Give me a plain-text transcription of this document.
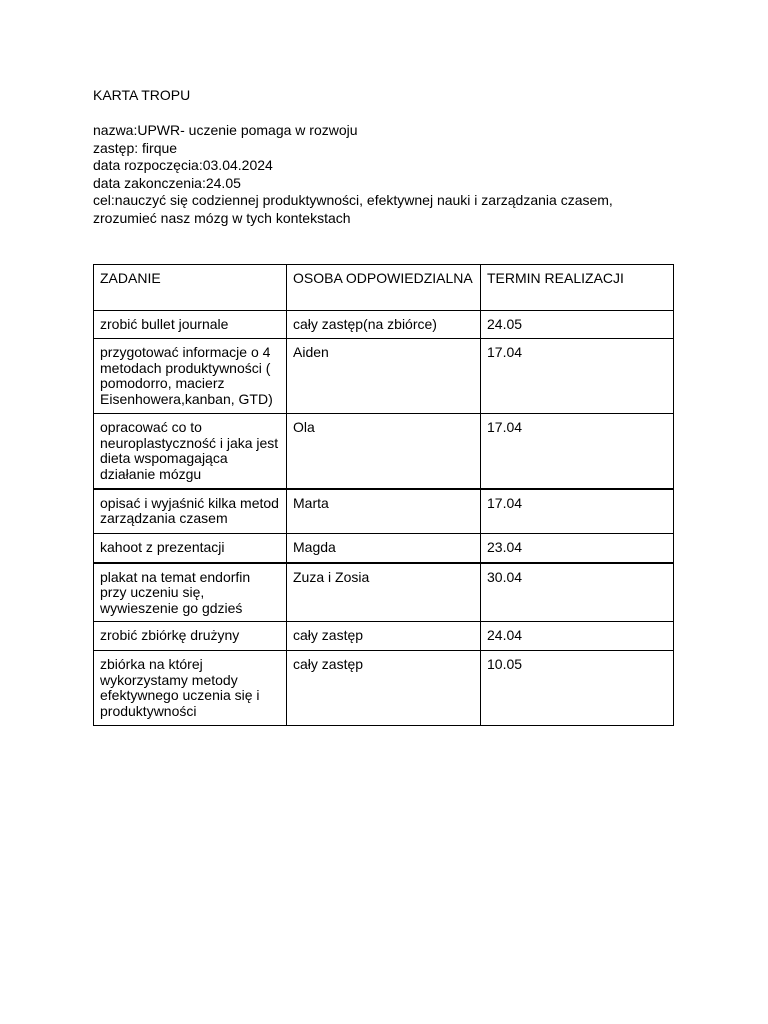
KARTA TROPU
nazwa:UPWR- uczenie pomaga w rozwoju
zastęp: firque
data rozpoczęcia:03.04.2024
data zakonczenia:24.05
cel:nauczyć się codziennej produktywności, efektywnej nauki i zarządzania czasem, zrozumieć nasz mózg w tych kontekstach
ZADANIE	OSOBA ODPOWIEDZIALNA	TERMIN REALIZACJI
zrobić bullet journale	cały zastęp(na zbiórce)	24.05
przygotować informacje o 4 metodach produktywności ( pomodorro, macierz Eisenhowera,kanban, GTD)	Aiden	17.04
opracować co to neuroplastyczność i jaka jest dieta wspomagająca działanie mózgu	Ola	17.04
opisać i wyjaśnić kilka metod zarządzania czasem	Marta	17.04
kahoot z prezentacji	Magda	23.04
plakat na temat endorfin przy uczeniu się, wywieszenie go gdzieś	Zuza i Zosia	30.04
zrobić zbiórkę drużyny	cały zastęp	24.04
zbiórka na której wykorzystamy metody efektywnego uczenia się i produktywności	cały zastęp	10.05
